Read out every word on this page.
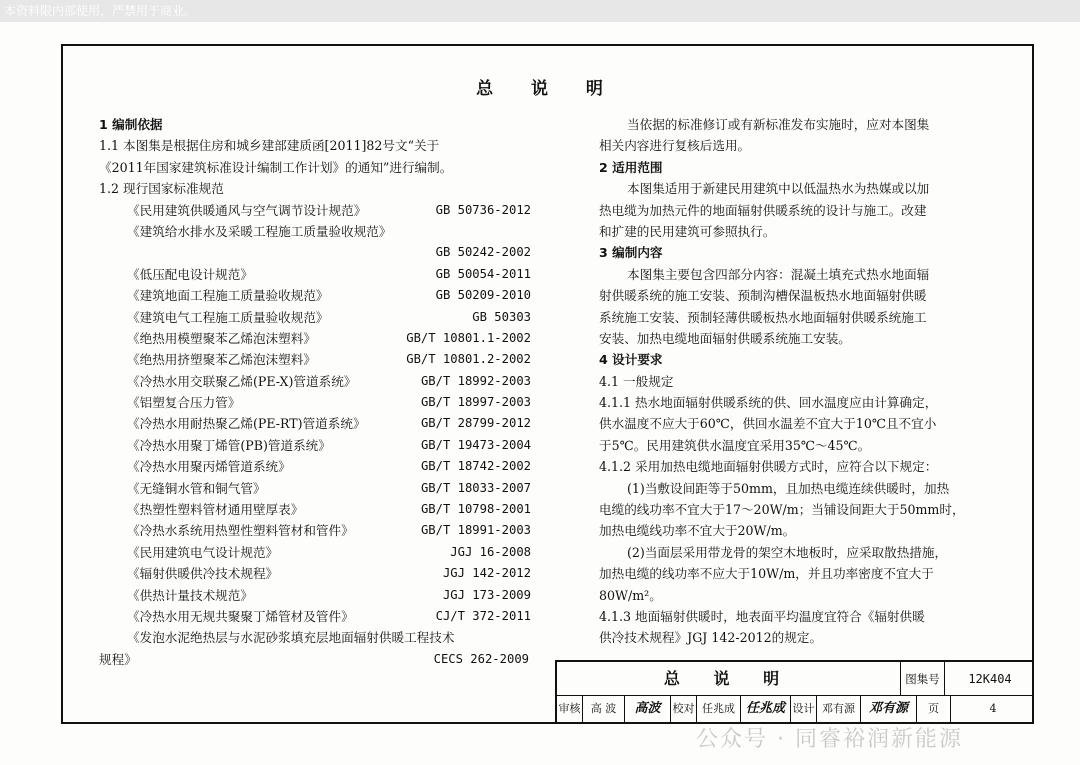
本资料限内部使用，严禁用于商业。
总 说 明
1 编制依据
1.1 本图集是根据住房和城乡建部建质函[2011]82号文“关于
《2011年国家建筑标准设计编制工作计划》的通知”进行编制。
1.2 现行国家标准规范
《民用建筑供暖通风与空气调节设计规范》	GB 50736-2012
《建筑给水排水及采暖工程施工质量验收规范》
GB 50242-2002
《低压配电设计规范》	GB 50054-2011
《建筑地面工程施工质量验收规范》	GB 50209-2010
《建筑电气工程施工质量验收规范》	GB 50303
《绝热用模塑聚苯乙烯泡沫塑料》	GB/T 10801.1-2002
《绝热用挤塑聚苯乙烯泡沫塑料》	GB/T 10801.2-2002
《冷热水用交联聚乙烯(PE-X)管道系统》	GB/T 18992-2003
《铝塑复合压力管》	GB/T 18997-2003
《冷热水用耐热聚乙烯(PE-RT)管道系统》	GB/T 28799-2012
《冷热水用聚丁烯管(PB)管道系统》	GB/T 19473-2004
《冷热水用聚丙烯管道系统》	GB/T 18742-2002
《无缝铜水管和铜气管》	GB/T 18033-2007
《热塑性塑料管材通用壁厚表》	GB/T 10798-2001
《冷热水系统用热塑性塑料管材和管件》	GB/T 18991-2003
《民用建筑电气设计规范》	JGJ 16-2008
《辐射供暖供冷技术规程》	JGJ 142-2012
《供热计量技术规范》	JGJ 173-2009
《冷热水用无规共聚聚丁烯管材及管件》	CJ/T 372-2011
《发泡水泥绝热层与水泥砂浆填充层地面辐射供暖工程技术
规程》	CECS 262-2009
当依据的标准修订或有新标准发布实施时，应对本图集
相关内容进行复核后选用。
2 适用范围
本图集适用于新建民用建筑中以低温热水为热媒或以加
热电缆为加热元件的地面辐射供暖系统的设计与施工。改建
和扩建的民用建筑可参照执行。
3 编制内容
本图集主要包含四部分内容：混凝土填充式热水地面辐
射供暖系统的施工安装、预制沟槽保温板热水地面辐射供暖
系统施工安装、预制轻薄供暖板热水地面辐射供暖系统施工
安装、加热电缆地面辐射供暖系统施工安装。
4 设计要求
4.1 一般规定
4.1.1 热水地面辐射供暖系统的供、回水温度应由计算确定，
供水温度不应大于60℃，供回水温差不宜大于10℃且不宜小
于5℃。民用建筑供水温度宜采用35℃～45℃。
4.1.2 采用加热电缆地面辐射供暖方式时，应符合以下规定：
(1)当敷设间距等于50mm，且加热电缆连续供暖时，加热
电缆的线功率不宜大于17～20W/m；当铺设间距大于50mm时，
加热电缆线功率不宜大于20W/m。
(2)当面层采用带龙骨的架空木地板时，应采取散热措施，
加热电缆的线功率不应大于10W/m，并且功率密度不宜大于
80W/m²。
4.1.3 地面辐射供暖时，地表面平均温度宜符合《辐射供暖
供冷技术规程》JGJ 142-2012的规定。
总 说 明	图集号	12K404
审核 高 波	高波	校对 任兆成 任兆成 设计 邓有源	邓有源	页	4
公众号 · 同睿裕润新能源
